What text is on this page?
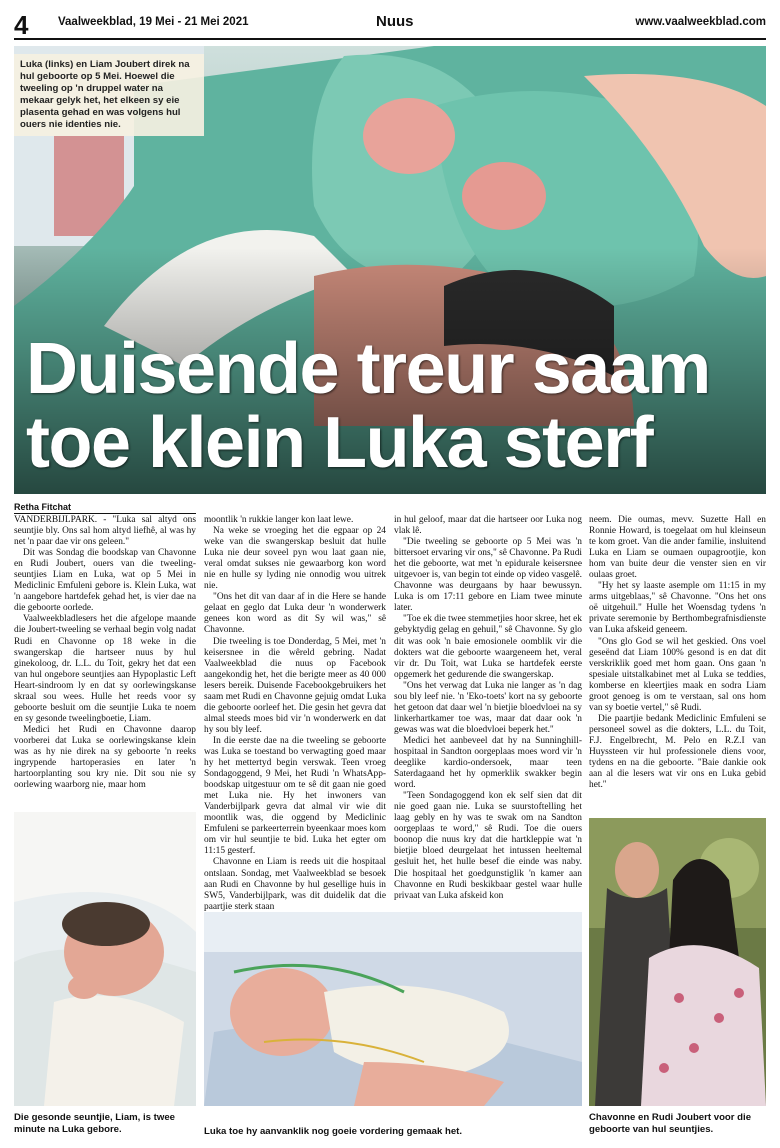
4	Vaalweekblad, 19 Mei - 21 Mei 2021	Nuus	www.vaalweekblad.com
Luka (links) en Liam Joubert direk na hul geboorte op 5 Mei. Hoewel die tweeling op 'n druppel water na mekaar gelyk het, het elkeen sy eie plasenta gehad en was volgens hul ouers nie identies nie.
Duisende treur saam
toe klein Luka sterf
Retha Fitchat

VANDERBIJLPARK. - "Luka sal altyd ons seuntjie bly. Ons sal hom altyd liefhê, al was hy net 'n paar dae vir ons geleen."

Dit was Sondag die boodskap van Chavonne en Rudi Joubert, ouers van die tweeling-seuntjies Liam en Luka, wat op 5 Mei in Mediclinic Emfuleni gebore is. Klein Luka, wat 'n aangebore hartdefek gehad het, is vier dae na die geboorte oorlede.

Vaalweekbladlesers het die afgelope maande die Joubert-tweeling se verhaal begin volg nadat Rudi en Chavonne op 18 weke in die swangerskap die hartseer nuus by hul ginekoloog, dr. L.L. du Toit, gekry het dat een van hul ongebore seuntjies aan Hypoplastic Left Heart-sindroom ly en dat sy oorlewingskanse skraal sou wees. Hulle het reeds voor sy geboorte besluit om die seuntjie Luka te noem en sy gesonde tweelingboetie, Liam.

Medici het Rudi en Chavonne daarop voorberei dat Luka se oorlewingskanse klein was as hy nie direk na sy geboorte 'n reeks ingrypende hartoperasies en later 'n hartoorplanting sou kry nie. Dit sou nie sy oorlewing waarborg nie, maar hom

moontlik 'n rukkie langer kon laat lewe.

Na weke se vroeging het die egpaar op 24 weke van die swangerskap besluit dat hulle Luka nie deur soveel pyn wou laat gaan nie, veral omdat sukses nie gewaarborg kon word nie en hulle sy lyding nie onnodig wou uitrek nie.

"Ons het dit van daar af in die Here se hande gelaat en geglo dat Luka deur 'n wonderwerk genees kon word as dit Sy wil was," sê Chavonne.

Die tweeling is toe Donderdag, 5 Mei, met 'n keisersnee in die wêreld gebring. Nadat Vaalweekblad die nuus op Facebook aangekondig het, het die berigte meer as 40 000 lesers bereik. Duisende Facebookgebruikers het saam met Rudi en Chavonne gejuig omdat Luka die geboorte oorleef het. Die gesin het gevra dat almal steeds moes bid vir 'n wonderwerk en dat hy sou bly leef.

In die eerste dae na die tweeling se geboorte was Luka se toestand bo verwagting goed maar hy het mettertyd begin verswak. Teen vroeg Sondagoggend, 9 Mei, het Rudi 'n WhatsApp-boodskap uitgestuur om te sê dit gaan nie goed met Luka nie. Hy het inwoners van Vanderbijlpark gevra dat almal vir wie dit moontlik was, die oggend by Mediclinic Emfuleni se parkeerterrein byeenkaar moes kom om vir hul seuntjie te bid. Luka het egter om 11:15 gesterf.

Chavonne en Liam is reeds uit die hospitaal ontslaan. Sondag, met Vaalweekblad se besoek aan Rudi en Chavonne by hul gesellige huis in SW5, Vanderbijlpark, was dit duidelik dat die paartjie sterk staan

in hul geloof, maar dat die hartseer oor Luka nog vlak lê.

"Die tweeling se geboorte op 5 Mei was 'n bittersoet ervaring vir ons," sê Chavonne. Pa Rudi het die geboorte, wat met 'n epidurale keisersnee uitgevoer is, van begin tot einde op video vasgelê. Chavonne was deurgaans by haar bewussyn. Luka is om 17:11 gebore en Liam twee minute later.

"Toe ek die twee stemmetjies hoor skree, het ek gebyktydig gelag en gehuil," sê Chavonne. Sy glo dit was ook 'n baie emosionele oomblik vir die dokters wat die geboorte waargeneem het, veral vir dr. Du Toit, wat Luka se hartdefek eerste opgemerk het gedurende die swangerskap.

"Ons het verwag dat Luka nie langer as 'n dag sou bly leef nie. 'n 'Eko-toets' kort na sy geboorte het getoon dat daar wel 'n bietjie bloedvloei na sy linkerhartkamer toe was, maar dat daar ook 'n gewas was wat die bloedvloei beperk het."

Medici het aanbeveel dat hy na Sunninghill-hospitaal in Sandton oorgeplaas moes word vir 'n deeglike kardio-ondersoek, maar teen Saterdagaand het hy opmerklik swakker begin word.

"Teen Sondagoggend kon ek self sien dat dit nie goed gaan nie. Luka se suurstoftelling het laag gebly en hy was te swak om na Sandton oorgeplaas te word," sê Rudi. Toe die ouers boonop die nuus kry dat die hartkleppie wat 'n bietjie bloed deurgelaat het intussen heeltemal gesluit het, het hulle besef die einde was naby. Die hospitaal het goedgunstiglik 'n kamer aan Chavonne en Rudi beskikbaar gestel waar hulle privaat van Luka afskeid kon

neem. Die oumas, mevv. Suzette Hall en Ronnie Howard, is toegelaat om hul kleinseun te kom groet. Van die ander familie, insluitend Luka en Liam se oumaen oupagrootjie, kon hom van buite deur die venster sien en vir oulaas groet.

"Hy het sy laaste asemple om 11:15 in my arms uitgeblaas," sê Chavonne. "Ons het ons oë uitgehuil." Hulle het Woensdag tydens 'n private seremonie by Berthombegrafnisdienste van Luka afskeid geneem.

"Ons glo God se wil het geskied. Ons voel geseënd dat Liam 100% gesond is en dat dit verskriklik goed met hom gaan. Ons gaan 'n spesiale uitstalkabinet met al Luka se teddies, komberse en kleertjies maak en sodra Liam groot genoeg is om te verstaan, sal ons hom van sy boetie vertel," sê Rudi.

Die paartjie bedank Mediclinic Emfuleni se personeel sowel as die dokters, L.L. du Toit, F.J. Engelbrecht, M. Pelo en R.Z.I van Huyssteen vir hul professionele diens voor, tydens en na die geboorte. "Baie dankie ook aan al die lesers wat vir ons en Luka gebid het."

Die gesonde seuntjie, Liam, is twee minute na Luka gebore.	Luka toe hy aanvanklik nog goeie vordering gemaak het.
Chavonne en Rudi Joubert voor die geboorte van hul seuntjies.
